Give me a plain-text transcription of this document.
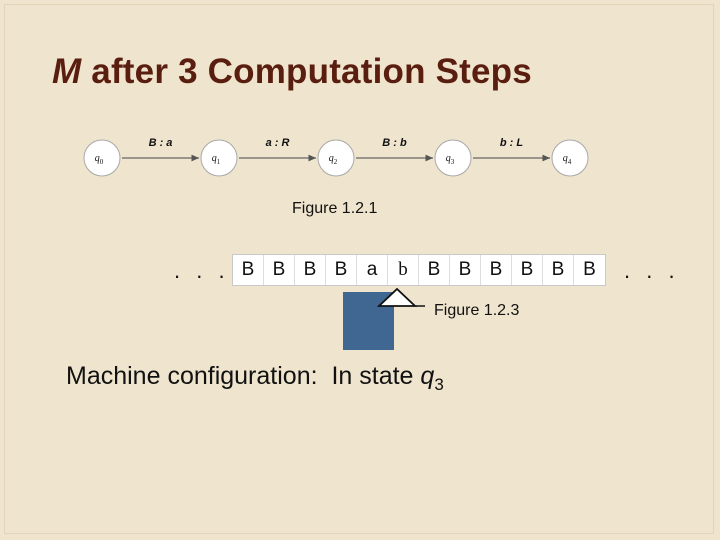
M after 3 Computation Steps
B : a	a : R	B : b	b : L
$q_0$	$q_1$	$q_2$	$q_3$	$q_4$
Figure 1.2.1
. . . B B B B	a	b	B B B B B B	. . .
Figure 1.2.3
Machine configuration: In state $q_3$
